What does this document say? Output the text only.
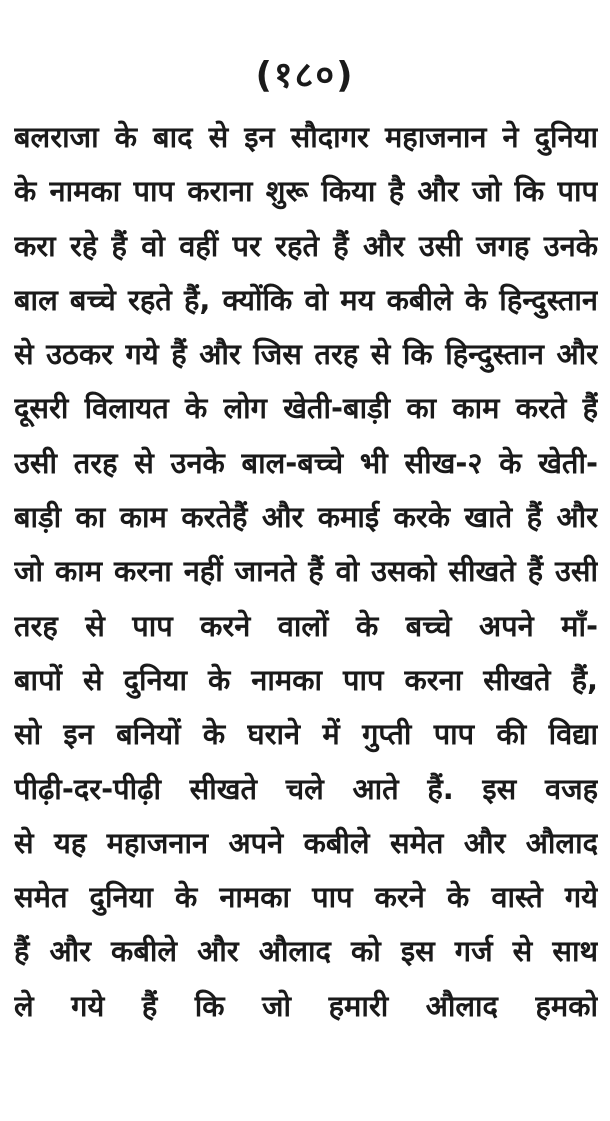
(१८०)
बलराजा के बाद से इन सौदागर महाजनान ने दुनिया
के नामका पाप कराना शुरू किया है और जो कि पाप
करा रहे हैं वो वहीं पर रहते हैं और उसी जगह उनके
बाल बच्चे रहते हैं, क्योंकि वो मय कबीले के हिन्दुस्तान
से उठकर गये हैं और जिस तरह से कि हिन्दुस्तान और
दूसरी विलायत के लोग खेती-बाड़ी का काम करते हैं
उसी तरह से उनके बाल-बच्चे भी सीख-२ के खेती-
बाड़ी का काम करतेहैं और कमाई करके खाते हैं और
जो काम करना नहीं जानते हैं वो उसको सीखते हैं उसी
तरह से पाप करने वालों के बच्चे अपने माँ-
बापों से दुनिया के नामका पाप करना सीखते हैं,
सो इन बनियों के घराने में गुप्ती पाप की विद्या
पीढ़ी-दर-पीढ़ी सीखते चले आते हैं. इस वजह
से यह महाजनान अपने कबीले समेत और औलाद
समेत दुनिया के नामका पाप करने के वास्ते गये
हैं और कबीले और औलाद को इस गर्ज से साथ
ले गये हैं कि जो हमारी औलाद हमको
